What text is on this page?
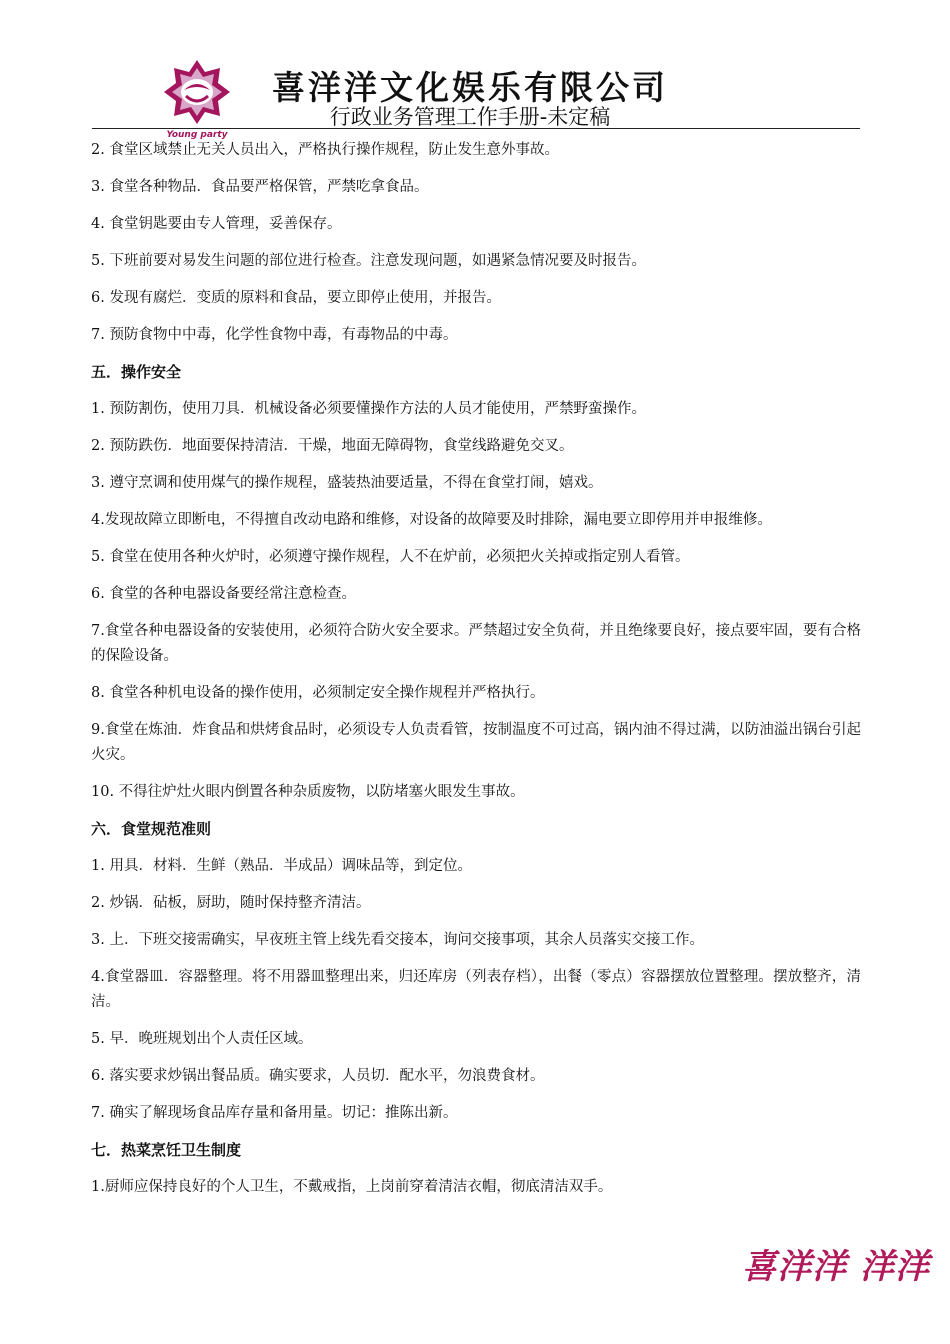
Young party
喜洋洋文化娱乐有限公司
行政业务管理工作手册-未定稿

2. 食堂区域禁止无关人员出入，严格执行操作规程，防止发生意外事故。

3. 食堂各种物品．食品要严格保管，严禁吃拿食品。

4. 食堂钥匙要由专人管理，妥善保存。

5. 下班前要对易发生问题的部位进行检查。注意发现问题，如遇紧急情况要及时报告。

6. 发现有腐烂．变质的原料和食品，要立即停止使用，并报告。

7. 预防食物中中毒，化学性食物中毒，有毒物品的中毒。

五．操作安全

1. 预防割伤，使用刀具．机械设备必须要懂操作方法的人员才能使用，严禁野蛮操作。

2. 预防跌伤．地面要保持清洁．干燥，地面无障碍物，食堂线路避免交叉。

3. 遵守烹调和使用煤气的操作规程，盛装热油要适量，不得在食堂打闹，嬉戏。

4.发现故障立即断电，不得擅自改动电路和维修，对设备的故障要及时排除，漏电要立即停用并申报维修。

5. 食堂在使用各种火炉时，必须遵守操作规程，人不在炉前，必须把火关掉或指定别人看管。

6. 食堂的各种电器设备要经常注意检查。

7.食堂各种电器设备的安装使用，必须符合防火安全要求。严禁超过安全负荷，并且绝缘要良好，接点要牢固，要有合格的保险设备。

8. 食堂各种机电设备的操作使用，必须制定安全操作规程并严格执行。

9.食堂在炼油．炸食品和烘烤食品时，必须设专人负责看管，按制温度不可过高，锅内油不得过满，以防油溢出锅台引起火灾。

10. 不得往炉灶火眼内倒置各种杂质废物，以防堵塞火眼发生事故。

六．食堂规范准则

1. 用具．材料．生鲜（熟品．半成品）调味品等，到定位。

2. 炒锅．砧板，厨助，随时保持整齐清洁。

3. 上．下班交接需确实，早夜班主管上线先看交接本，询问交接事项，其余人员落实交接工作。

4.食堂器皿．容器整理。将不用器皿整理出来，归还库房（列表存档），出餐（零点）容器摆放位置整理。摆放整齐，清洁。

5. 早．晚班规划出个人责任区域。

6. 落实要求炒锅出餐品质。确实要求，人员切．配水平，勿浪费食材。

7. 确实了解现场食品库存量和备用量。切记：推陈出新。

七．热菜烹饪卫生制度

1.厨师应保持良好的个人卫生，不戴戒指，上岗前穿着清洁衣帽，彻底清洁双手。

喜洋洋 洋洋
